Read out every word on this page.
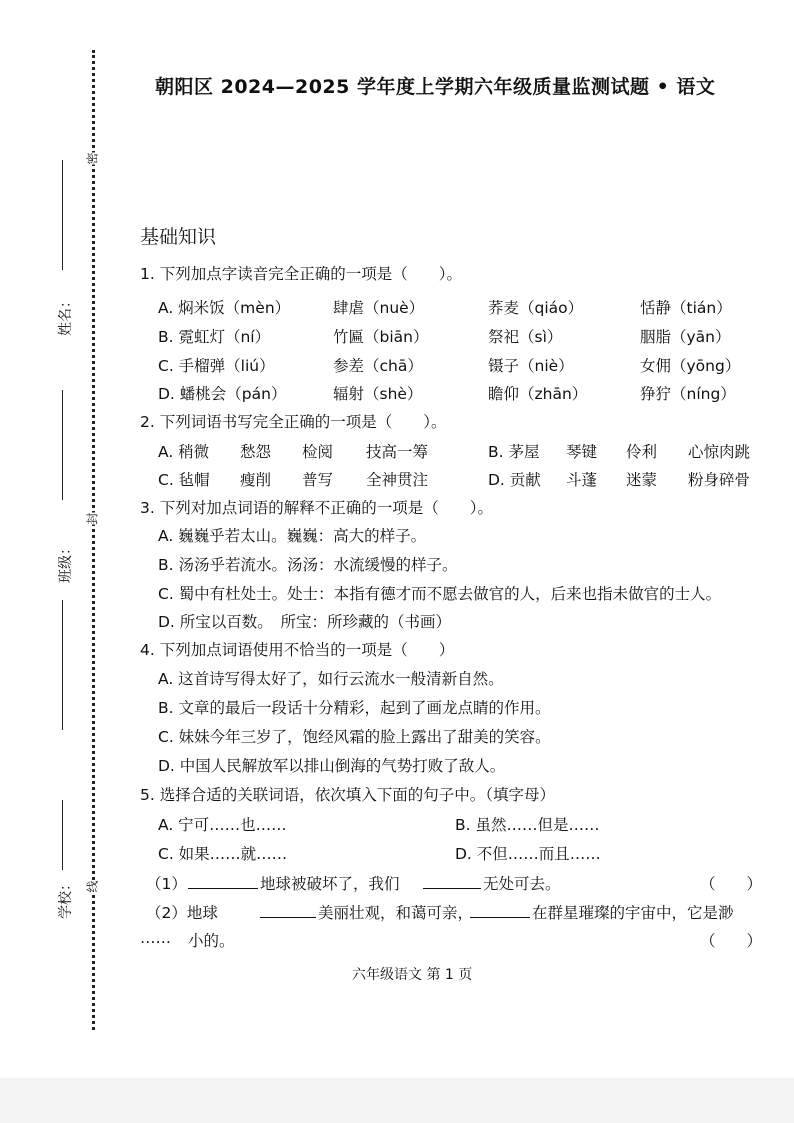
姓名：
班级：
学校：
密
封
线
朝阳区 2024—2025 学年度上学期六年级质量监测试题 • 语文
基础知识
1. 下列加点字读音完全正确的一项是（　　）。
A. 焖米饭（mèn）	肆虐（nuè）	荞麦（qiáo）	恬静（tián）
B. 霓虹灯（ní）	竹匾（biān）	祭祀（sì）	胭脂（yān）
C. 手榴弹（liú）	参差（chā）	镊子（niè）	女佣（yōng）
D. 蟠桃会（pán）	辐射（shè）	瞻仰（zhān）	狰狞（níng）
2. 下列词语书写完全正确的一项是（　　）。
A. 稍微 愁怨 检阅 技高一筹	B. 茅屋 琴键 伶利 心惊肉跳
C. 毡帽 瘦削 普写 全神贯注	D. 贡献 斗蓬 迷蒙 粉身碎骨
3. 下列对加点词语的解释不正确的一项是（　　）。
A. 巍巍乎若太山。巍巍：高大的样子。
B. 汤汤乎若流水。汤汤：水流缓慢的样子。
C. 蜀中有杜处士。处士：本指有德才而不愿去做官的人，后来也指未做官的士人。
D. 所宝以百数。　所宝：所珍藏的（书画）
4. 下列加点词语使用不恰当的一项是（　　）
A. 这首诗写得太好了，如行云流水一般清新自然。
B. 文章的最后一段话十分精彩，起到了画龙点睛的作用。
C. 妹妹今年三岁了，饱经风霜的脸上露出了甜美的笑容。
D. 中国人民解放军以排山倒海的气势打败了敌人。
5. 选择合适的关联词语，依次填入下面的句子中。（填字母）
A. 宁可……也……	B. 虽然……但是……
C. 如果……就……	D. 不但……而且……
（1）	地球被破坏了，我们	无处可去。	（　　）
（2）地球	美丽壮观，和蔼可亲，	在群星璀璨的宇宙中，它是渺
…… 小的。	（　　）
六年级语文 第 1 页
